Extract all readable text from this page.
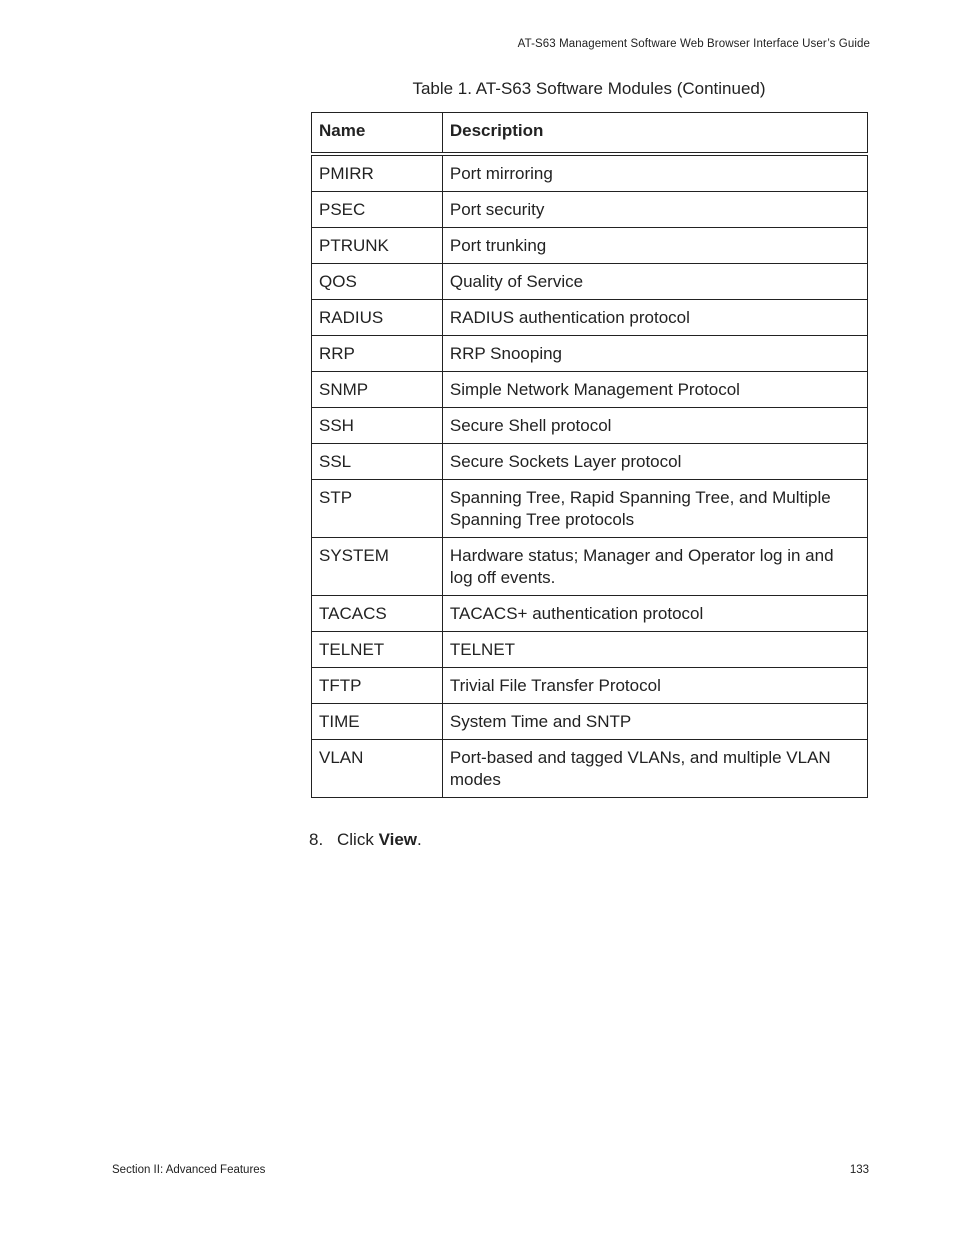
AT-S63 Management Software Web Browser Interface User’s Guide
Table 1. AT-S63 Software Modules (Continued)
Name	Description
PMIRR	Port mirroring
PSEC	Port security
PTRUNK	Port trunking
QOS	Quality of Service
RADIUS	RADIUS authentication protocol
RRP	RRP Snooping
SNMP	Simple Network Management Protocol
SSH	Secure Shell protocol
SSL	Secure Sockets Layer protocol
STP	Spanning Tree, Rapid Spanning Tree, and Multiple Spanning Tree protocols
SYSTEM	Hardware status; Manager and Operator log in and log off events.
TACACS	TACACS+ authentication protocol
TELNET	TELNET
TFTP	Trivial File Transfer Protocol
TIME	System Time and SNTP
VLAN	Port-based and tagged VLANs, and multiple VLAN modes
8. Click View.
Section II: Advanced Features	133
